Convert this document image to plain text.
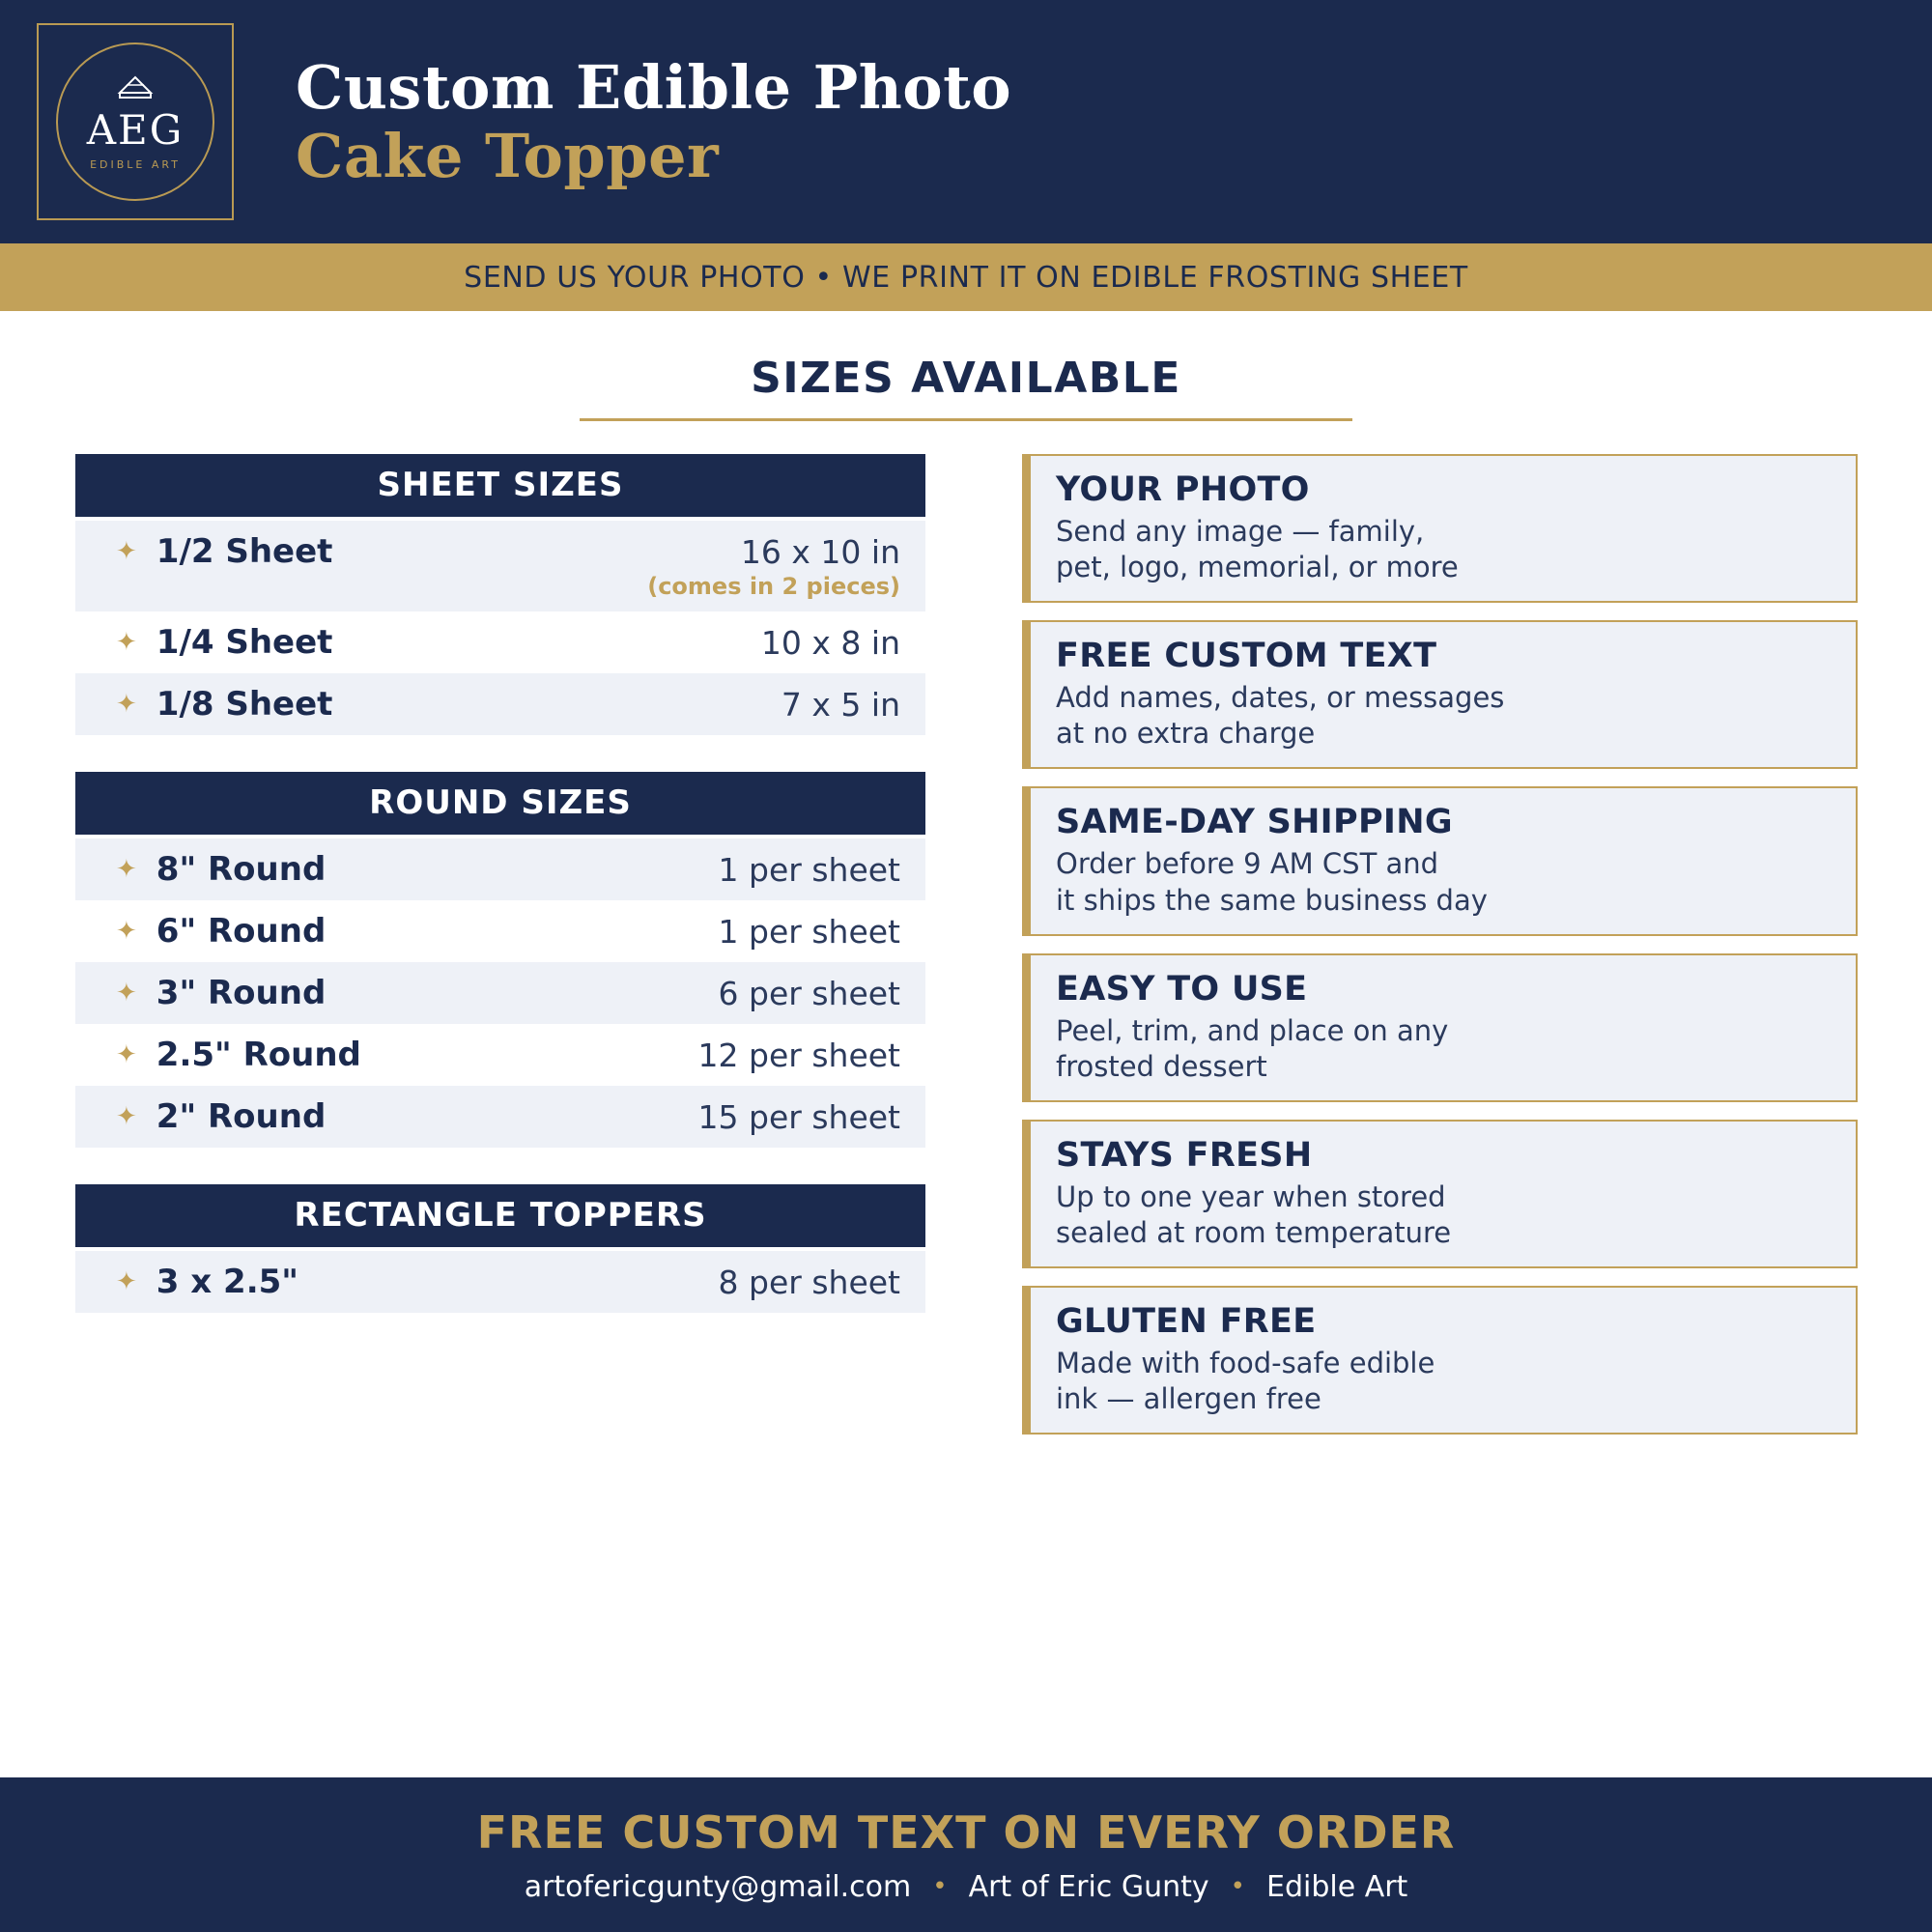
AEG
EDIBLE ART
Custom Edible Photo
Cake Topper
SEND US YOUR PHOTO • WE PRINT IT ON EDIBLE FROSTING SHEET
SIZES AVAILABLE
SHEET SIZES
✦ 1/2 Sheet	16 x 10 in
(comes in 2 pieces)
✦ 1/4 Sheet	10 x 8 in
✦ 1/8 Sheet	7 x 5 in
ROUND SIZES
✦ 8" Round	1 per sheet
✦ 6" Round	1 per sheet
✦ 3" Round	6 per sheet
✦ 2.5" Round	12 per sheet
✦ 2" Round	15 per sheet
RECTANGLE TOPPERS
✦ 3 x 2.5"	8 per sheet
YOUR PHOTO
Send any image — family,
pet, logo, memorial, or more
FREE CUSTOM TEXT
Add names, dates, or messages
at no extra charge
SAME-DAY SHIPPING
Order before 9 AM CST and
it ships the same business day
EASY TO USE
Peel, trim, and place on any
frosted dessert
STAYS FRESH
Up to one year when stored
sealed at room temperature
GLUTEN FREE
Made with food-safe edible
ink — allergen free
FREE CUSTOM TEXT ON EVERY ORDER
artofericgunty@gmail.com • Art of Eric Gunty • Edible Art
